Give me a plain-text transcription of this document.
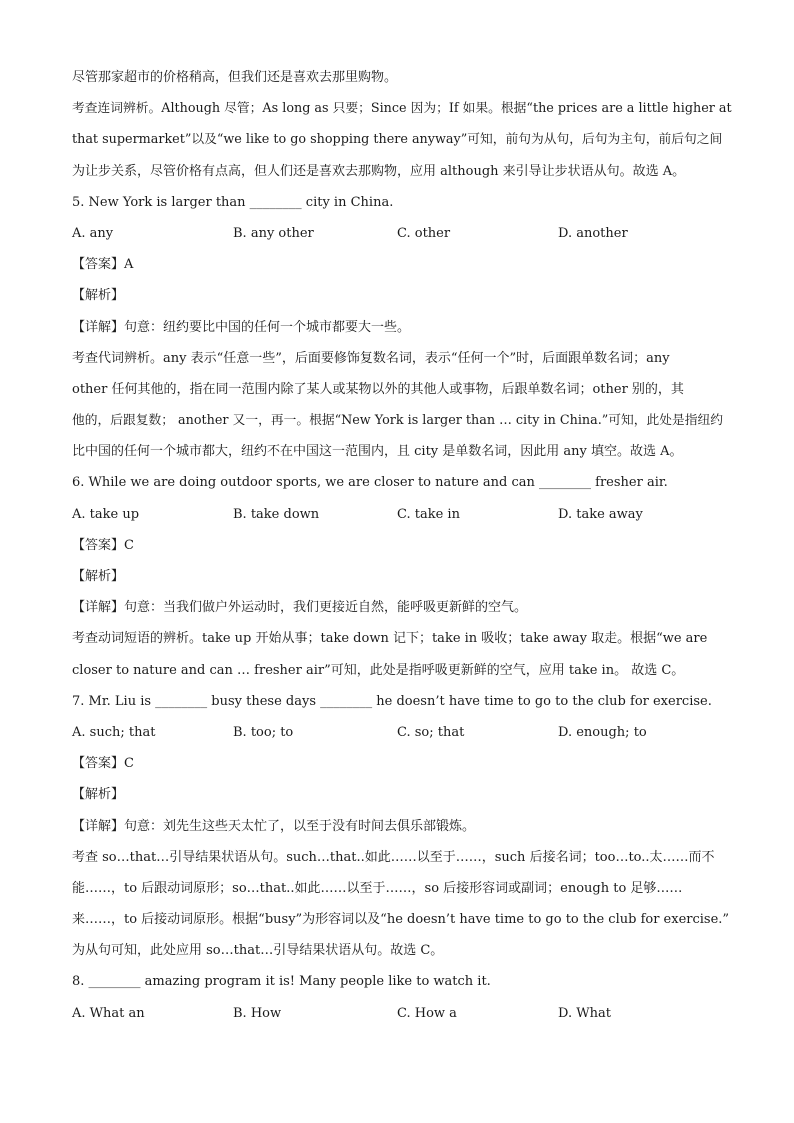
尽管那家超市的价格稍高，但我们还是喜欢去那里购物。
考查连词辨析。Although 尽管；As long as 只要；Since 因为；If 如果。根据“the prices are a little higher at
that supermarket”以及“we like to go shopping there anyway”可知，前句为从句，后句为主句，前后句之间
为让步关系，尽管价格有点高，但人们还是喜欢去那购物，应用 although 来引导让步状语从句。故选 A。
5. New York is larger than ________ city in China.
A. any	B. any other	C. other	D. another
【答案】A
【解析】
【详解】句意：纽约要比中国的任何一个城市都要大一些。
考查代词辨析。any 表示“任意一些”，后面要修饰复数名词，表示“任何一个”时，后面跟单数名词；any
other 任何其他的，指在同一范围内除了某人或某物以外的其他人或事物，后跟单数名词；other 别的，其
他的，后跟复数； another 又一，再一。根据“New York is larger than … city in China.”可知，此处是指纽约
比中国的任何一个城市都大，纽约不在中国这一范围内，且 city 是单数名词，因此用 any 填空。故选 A。
6. While we are doing outdoor sports, we are closer to nature and can ________ fresher air.
A. take up	B. take down	C. take in	D. take away
【答案】C
【解析】
【详解】句意：当我们做户外运动时，我们更接近自然，能呼吸更新鲜的空气。
考查动词短语的辨析。take up 开始从事；take down 记下；take in 吸收；take away 取走。根据“we are
closer to nature and can … fresher air”可知，此处是指呼吸更新鲜的空气，应用 take in。 故选 C。
7. Mr. Liu is ________ busy these days ________ he doesn’t have time to go to the club for exercise.
A. such; that	B. too; to	C. so; that	D. enough; to
【答案】C
【解析】
【详解】句意：刘先生这些天太忙了，以至于没有时间去俱乐部锻炼。
考查 so…that…引导结果状语从句。such…that..如此……以至于……，such 后接名词；too…to..太……而不
能……，to 后跟动词原形；so…that..如此……以至于……，so 后接形容词或副词；enough to 足够……
来……，to 后接动词原形。根据“busy”为形容词以及“he doesn’t have time to go to the club for exercise.”
为从句可知，此处应用 so…that…引导结果状语从句。故选 C。
8. ________ amazing program it is! Many people like to watch it.
A. What an	B. How	C. How a	D. What
